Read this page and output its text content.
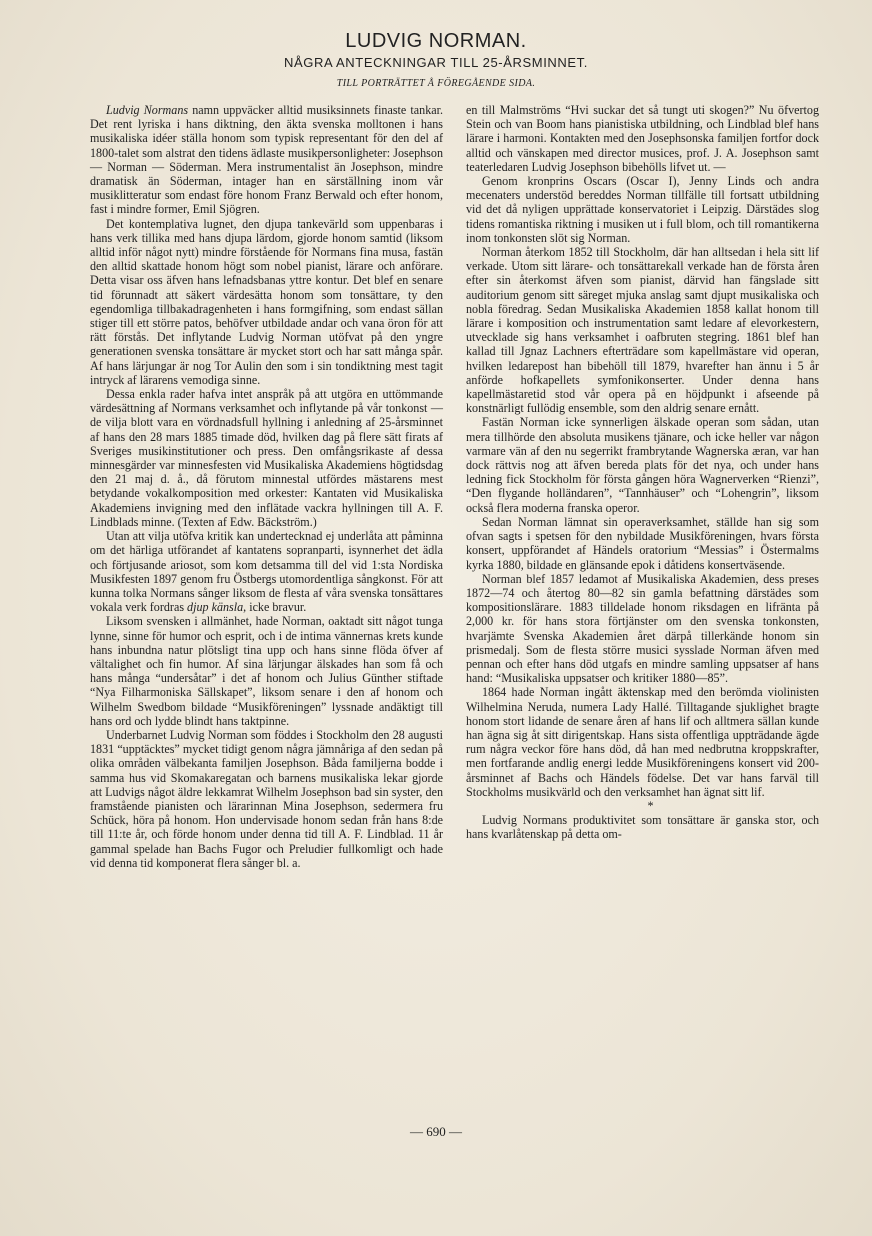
LUDVIG NORMAN.
NÅGRA ANTECKNINGAR TILL 25-ÅRSMINNET.
TILL PORTRÄTTET Å FÖREGÅENDE SIDA.

Ludvig Normans namn uppväcker alltid musiksinnets finaste tankar. Det rent lyriska i hans diktning, den äkta svenska molltonen i hans musikaliska idéer ställa honom som typisk representant för den del af 1800-talet som alstrat den tidens ädlaste musikpersonligheter: Josephson — Norman — Söderman. Mera instrumentalist än Josephson, mindre dramatisk än Söderman, intager han en särställning inom vår musiklitteratur som endast före honom Franz Berwald och efter honom, fast i mindre former, Emil Sjögren.

Det kontemplativa lugnet, den djupa tankevärld som uppenbaras i hans verk tillika med hans djupa lärdom, gjorde honom samtid (liksom alltid inför något nytt) mindre förstående för Normans fina musa, fastän den alltid skattade honom högt som nobel pianist, lärare och anförare. Detta visar oss äfven hans lefnadsbanas yttre kontur. Det blef en senare tid förunnadt att säkert värdesätta honom som tonsättare, ty den egendomliga tillbakadragenheten i hans formgifning, som endast sällan stiger till ett större patos, behöfver utbildade andar och vana öron för att rätt förstås. Det inflytande Ludvig Norman utöfvat på den yngre generationen svenska tonsättare är mycket stort och har satt många spår. Af hans lärjungar är nog Tor Aulin den som i sin tondiktning mest tagit intryck af lärarens vemodiga sinne.

Dessa enkla rader hafva intet anspråk på att utgöra en uttömmande värdesättning af Normans verksamhet och inflytande på vår tonkonst — de vilja blott vara en vördnadsfull hyllning i anledning af 25-årsminnet af hans den 28 mars 1885 timade död, hvilken dag på flere sätt firats af Sveriges musikinstitutioner och press. Den omfångsrikaste af dessa minnesgärder var minnesfesten vid Musikaliska Akademiens högtidsdag den 21 maj d. å., då förutom minnestal utfördes mästarens mest betydande vokalkomposition med orkester: Kantaten vid Musikaliska Akademiens invigning med den inflätade vackra hyllningen till A. F. Lindblads minne. (Texten af Edw. Bäckström.)

Utan att vilja utöfva kritik kan undertecknad ej underlåta att påminna om det härliga utförandet af kantatens sopranparti, isynnerhet det ädla och förtjusande ariosot, som kom detsamma till del vid 1:sta Nordiska Musikfesten 1897 genom fru Östbergs utomordentliga sångkonst. För att kunna tolka Normans sånger liksom de flesta af våra svenska tonsättares vokala verk fordras djup känsla, icke bravur.

Liksom svensken i allmänhet, hade Norman, oaktadt sitt något tunga lynne, sinne för humor och esprit, och i de intima vännernas krets kunde hans inbundna natur plötsligt tina upp och hans sinne flöda öfver af vältalighet och fin humor. Af sina lärjungar älskades han som få och hans många “undersåtar” i det af honom och Julius Günther stiftade “Nya Filharmoniska Sällskapet”, liksom senare i den af honom och Wilhelm Swedbom bildade “Musikföreningen” lyssnade andäktigt till hans ord och lydde blindt hans taktpinne.

Underbarnet Ludvig Norman som föddes i Stockholm den 28 augusti 1831 “upptäcktes” mycket tidigt genom några jämnåriga af den sedan på olika områden välbekanta familjen Josephson. Båda familjerna bodde i samma hus vid Skomakaregatan och barnens musikaliska lekar gjorde att Ludvigs något äldre lekkamrat Wilhelm Josephson bad sin syster, den framstående pianisten och lärarinnan Mina Josephson, sedermera fru Schück, höra på honom. Hon undervisade honom sedan från hans 8:de till 11:te år, och förde honom under denna tid till A. F. Lindblad. 11 år gammal spelade han Bachs Fugor och Preludier fullkomligt och hade vid denna tid komponerat flera sånger bl. a.

en till Malmströms “Hvi suckar det så tungt uti skogen?” Nu öfvertog Stein och van Boom hans pianistiska utbildning, och Lindblad blef hans lärare i harmoni. Kontakten med den Josephsonska familjen fortfor dock alltid och vänskapen med director musices, prof. J. A. Josephson samt teaterledaren Ludvig Josephson bibehölls lifvet ut. —

Genom kronprins Oscars (Oscar I), Jenny Linds och andra mecenaters understöd bereddes Norman tillfälle till fortsatt utbildning vid det då nyligen upprättade konservatoriet i Leipzig. Därstädes slog tidens romantiska riktning i musiken ut i full blom, och till romantikerna inom tonkonsten slöt sig Norman.

Norman återkom 1852 till Stockholm, där han alltsedan i hela sitt lif verkade. Utom sitt lärare- och tonsättarekall verkade han de första åren efter sin återkomst äfven som pianist, därvid han fängslade sitt auditorium genom sitt säreget mjuka anslag samt djupt musikaliska och nobla föredrag. Sedan Musikaliska Akademien 1858 kallat honom till lärare i komposition och instrumentation samt ledare af elevorkestern, utvecklade sig hans verksamhet i oafbruten stegring. 1861 blef han kallad till Jgnaz Lachners efterträdare som kapellmästare vid operan, hvilken ledarepost han bibehöll till 1879, hvarefter han ännu i 5 år anförde hofkapellets symfonikonserter. Under denna hans kapellmästaretid stod vår opera på en höjdpunkt i afseende på konstnärligt fullödig ensemble, som den aldrig senare ernått.

Fastän Norman icke synnerligen älskade operan som sådan, utan mera tillhörde den absoluta musikens tjänare, och icke heller var någon varmare vän af den nu segerrikt frambrytande Wagnerska æran, var han dock rättvis nog att äfven bereda plats för det nya, och under hans ledning fick Stockholm för första gången höra Wagnerverken “Rienzi”, “Den flygande holländaren”, “Tannhäuser” och “Lohengrin”, liksom också flera moderna franska operor.

Sedan Norman lämnat sin operaverksamhet, ställde han sig som ofvan sagts i spetsen för den nybildade Musikföreningen, hvars första konsert, uppförandet af Händels oratorium “Messias” i Östermalms kyrka 1880, bildade en glänsande epok i dåtidens konsertväsende.

Norman blef 1857 ledamot af Musikaliska Akademien, dess preses 1872—74 och återtog 80—82 sin gamla befattning därstädes som kompositionslärare. 1883 tilldelade honom riksdagen en lifränta på 2,000 kr. för hans stora förtjänster om den svenska tonkonsten, hvarjämte Svenska Akademien året därpå tillerkände honom sin prismedalj. Som de flesta större musici sysslade Norman äfven med pennan och efter hans död utgafs en mindre samling uppsatser af hans hand: “Musikaliska uppsatser och kritiker 1880—85”.

1864 hade Norman ingått äktenskap med den berömda violinisten Wilhelmina Neruda, numera Lady Hallé. Tilltagande sjuklighet bragte honom stort lidande de senare åren af hans lif och alltmera sällan kunde han ägna sig åt sitt dirigentskap. Hans sista offentliga uppträdande ägde rum några veckor före hans död, då han med nedbrutna kroppskrafter, men fortfarande andlig energi ledde Musikföreningens konsert vid 200-årsminnet af Bachs och Händels födelse. Det var hans farväl till Stockholms musikvärld och den verksamhet han ägnat sitt lif.

*

Ludvig Normans produktivitet som tonsättare är ganska stor, och hans kvarlåtenskap på detta om-

— 690 —
